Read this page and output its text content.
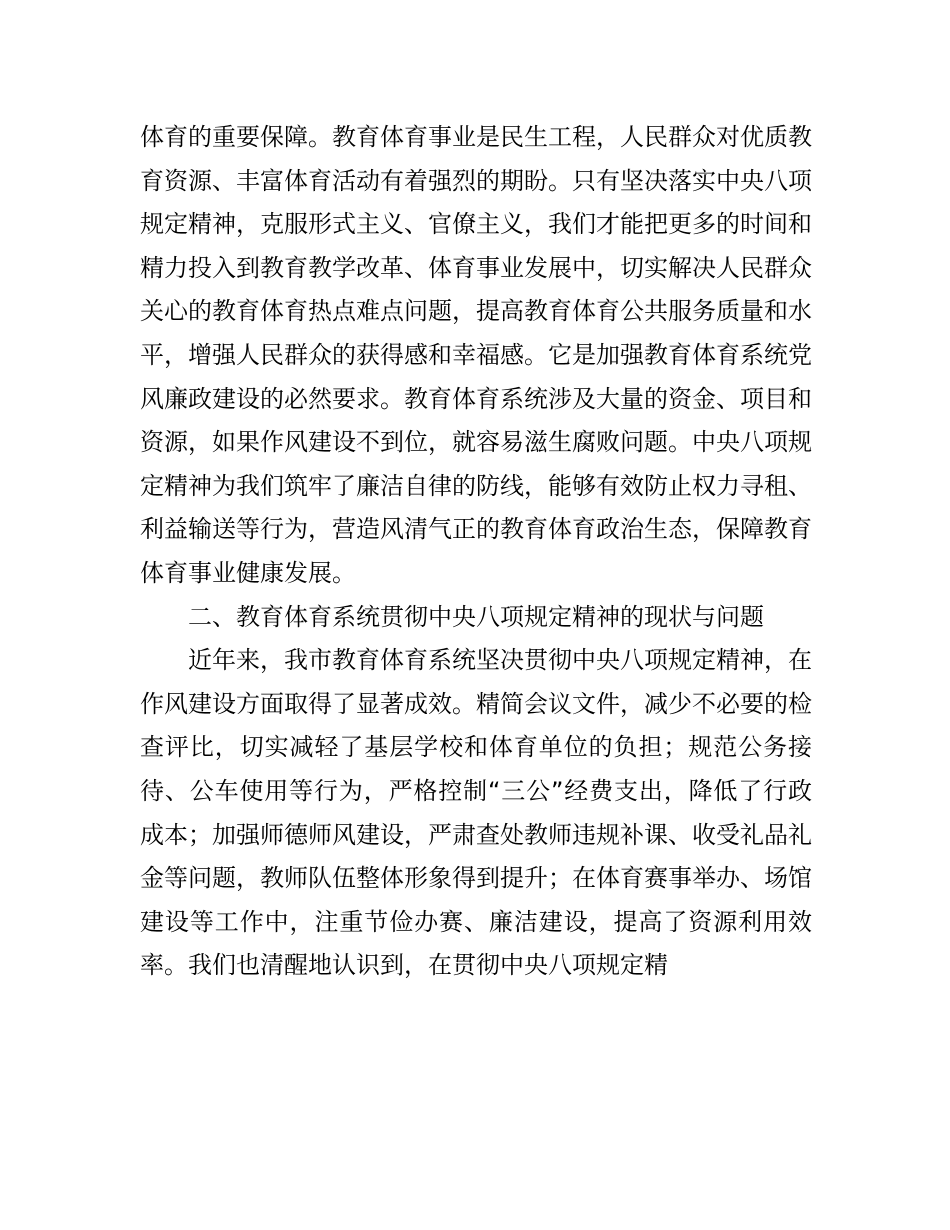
体育的重要保障。教育体育事业是民生工程，人民群众对优质教育资源、丰富体育活动有着强烈的期盼。只有坚决落实中央八项规定精神，克服形式主义、官僚主义，我们才能把更多的时间和精力投入到教育教学改革、体育事业发展中，切实解决人民群众关心的教育体育热点难点问题，提高教育体育公共服务质量和水平，增强人民群众的获得感和幸福感。它是加强教育体育系统党风廉政建设的必然要求。教育体育系统涉及大量的资金、项目和资源，如果作风建设不到位，就容易滋生腐败问题。中央八项规定精神为我们筑牢了廉洁自律的防线，能够有效防止权力寻租、利益输送等行为，营造风清气正的教育体育政治生态，保障教育体育事业健康发展。

二、教育体育系统贯彻中央八项规定精神的现状与问题

近年来，我市教育体育系统坚决贯彻中央八项规定精神，在作风建设方面取得了显著成效。精简会议文件，减少不必要的检查评比，切实减轻了基层学校和体育单位的负担；规范公务接待、公车使用等行为，严格控制“三公”经费支出，降低了行政成本；加强师德师风建设，严肃查处教师违规补课、收受礼品礼金等问题，教师队伍整体形象得到提升；在体育赛事举办、场馆建设等工作中，注重节俭办赛、廉洁建设，提高了资源利用效率。我们也清醒地认识到，在贯彻中央八项规定精
